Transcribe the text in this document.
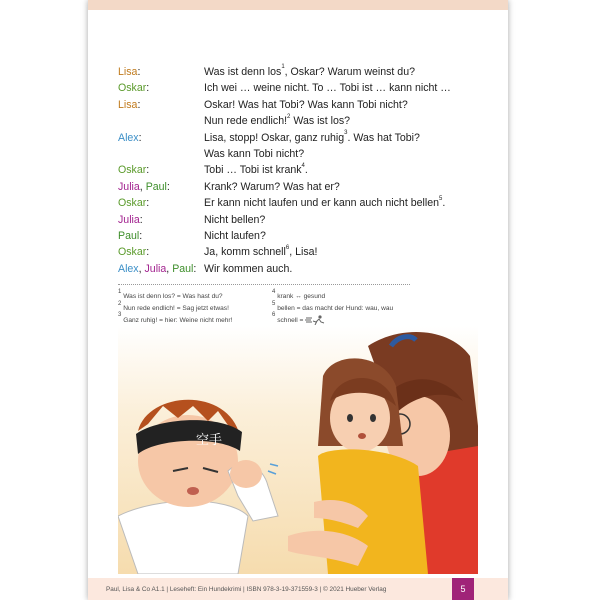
Lisa:	Was ist denn los$^1$, Oskar? Warum weinst du?
Oskar:	Ich wei … weine nicht. To … Tobi ist … kann nicht …
Lisa:	Oskar! Was hat Tobi? Was kann Tobi nicht?
Nun rede endlich!$^2$ Was ist los?
Alex:	Lisa, stopp! Oskar, ganz ruhig$^3$. Was hat Tobi?
Was kann Tobi nicht?
Oskar:	Tobi … Tobi ist krank$^4$.
Julia, Paul:	Krank? Warum? Was hat er?
Oskar:	Er kann nicht laufen und er kann auch nicht bellen$^5$.
Julia:	Nicht bellen?
Paul:	Nicht laufen?
Oskar:	Ja, komm schnell$^6$, Lisa!
Alex, Julia, Paul: Wir kommen auch.
$^1$ Was ist denn los? = Was hast du?
$^2$ Nun rede endlich! = Sag jetzt etwas!
$^3$ Ganz ruhig! = hier: Weine nicht mehr!
$^4$ krank ↔ gesund
$^5$ bellen = das macht der Hund: wau, wau
$^6$ schnell =
空手
Paul, Lisa & Co A1.1 | Leseheft: Ein Hundekrimi | ISBN 978-3-19-371559-3 | © 2021 Hueber Verlag	5
